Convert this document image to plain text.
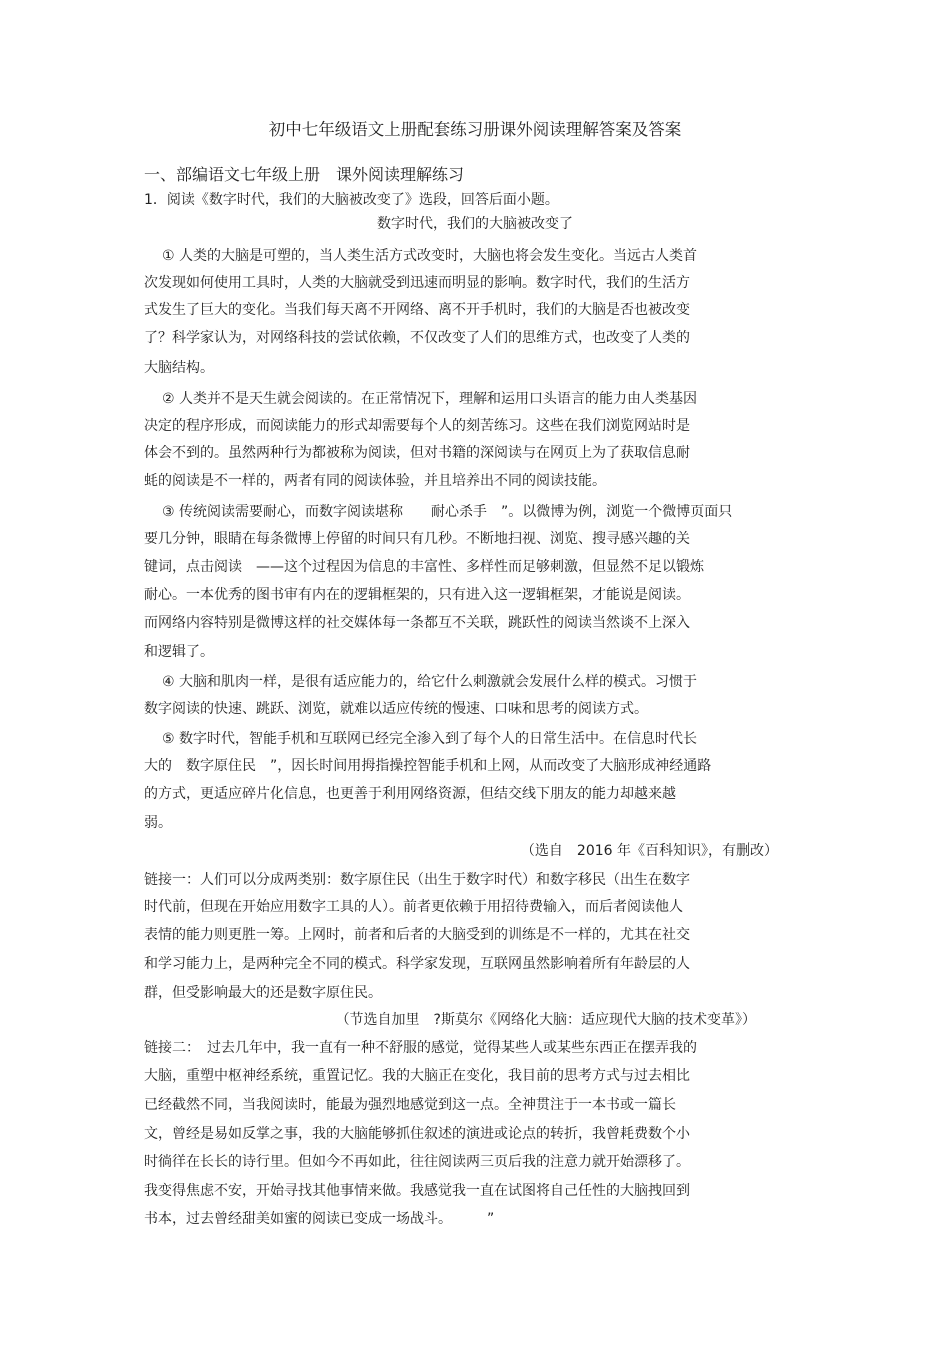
初中七年级语文上册配套练习册课外阅读理解答案及答案
一、部编语文七年级上册　课外阅读理解练习
1．阅读《数字时代，我们的大脑被改变了》选段，回答后面小题。
数字时代，我们的大脑被改变了
① 人类的大脑是可塑的，当人类生活方式改变时，大脑也将会发生变化。当远古人类首
次发现如何使用工具时，人类的大脑就受到迅速而明显的影响。数字时代，我们的生活方
式发生了巨大的变化。当我们每天离不开网络、离不开手机时，我们的大脑是否也被改变
了？科学家认为，对网络科技的尝试依赖，不仅改变了人们的思维方式，也改变了人类的
大脑结构。
② 人类并不是天生就会阅读的。在正常情况下，理解和运用口头语言的能力由人类基因
决定的程序形成，而阅读能力的形式却需要每个人的刻苦练习。这些在我们浏览网站时是
体会不到的。虽然两种行为都被称为阅读，但对书籍的深阅读与在网页上为了获取信息耐
蚝的阅读是不一样的，两者有同的阅读体验，并且培养出不同的阅读技能。
③ 传统阅读需要耐心，而数字阅读堪称　　耐心杀手　”。以微博为例，浏览一个微博页面只
要几分钟，眼睛在每条微博上停留的时间只有几秒。不断地扫视、浏览、搜寻感兴趣的关
键词，点击阅读　——这个过程因为信息的丰富性、多样性而足够刺激，但显然不足以锻炼
耐心。一本优秀的图书审有内在的逻辑框架的，只有进入这一逻辑框架，才能说是阅读。
而网络内容特别是微博这样的社交媒体每一条都互不关联，跳跃性的阅读当然谈不上深入
和逻辑了。
④ 大脑和肌肉一样，是很有适应能力的，给它什么刺激就会发展什么样的模式。习惯于
数字阅读的快速、跳跃、浏览，就难以适应传统的慢速、口味和思考的阅读方式。
⑤ 数字时代，智能手机和互联网已经完全渗入到了每个人的日常生活中。在信息时代长
大的　数字原住民　”，因长时间用拇指操控智能手机和上网，从而改变了大脑形成神经通路
的方式，更适应碎片化信息，也更善于利用网络资源，但结交线下朋友的能力却越来越
弱。
（选自　2016 年《百科知识》，有删改）
链接一：人们可以分成两类别：数字原住民（出生于数字时代）和数字移民（出生在数字
时代前，但现在开始应用数字工具的人）。前者更依赖于用招待费输入，而后者阅读他人
表情的能力则更胜一筹。上网时，前者和后者的大脑受到的训练是不一样的，尤其在社交
和学习能力上，是两种完全不同的模式。科学家发现，互联网虽然影响着所有年龄层的人
群，但受影响最大的还是数字原住民。
（节选自加里　?斯莫尔《网络化大脑：适应现代大脑的技术变革》）
链接二：　过去几年中，我一直有一种不舒服的感觉，觉得某些人或某些东西正在摆弄我的
大脑，重塑中枢神经系统，重置记忆。我的大脑正在变化，我目前的思考方式与过去相比
已经截然不同，当我阅读时，能最为强烈地感觉到这一点。全神贯注于一本书或一篇长
文，曾经是易如反掌之事，我的大脑能够抓住叙述的演进或论点的转折，我曾耗费数个小
时徜徉在长长的诗行里。但如今不再如此，往往阅读两三页后我的注意力就开始漂移了。
我变得焦虑不安，开始寻找其他事情来做。我感觉我一直在试图将自己任性的大脑拽回到
书本，过去曾经甜美如蜜的阅读已变成一场战斗。　　　”
